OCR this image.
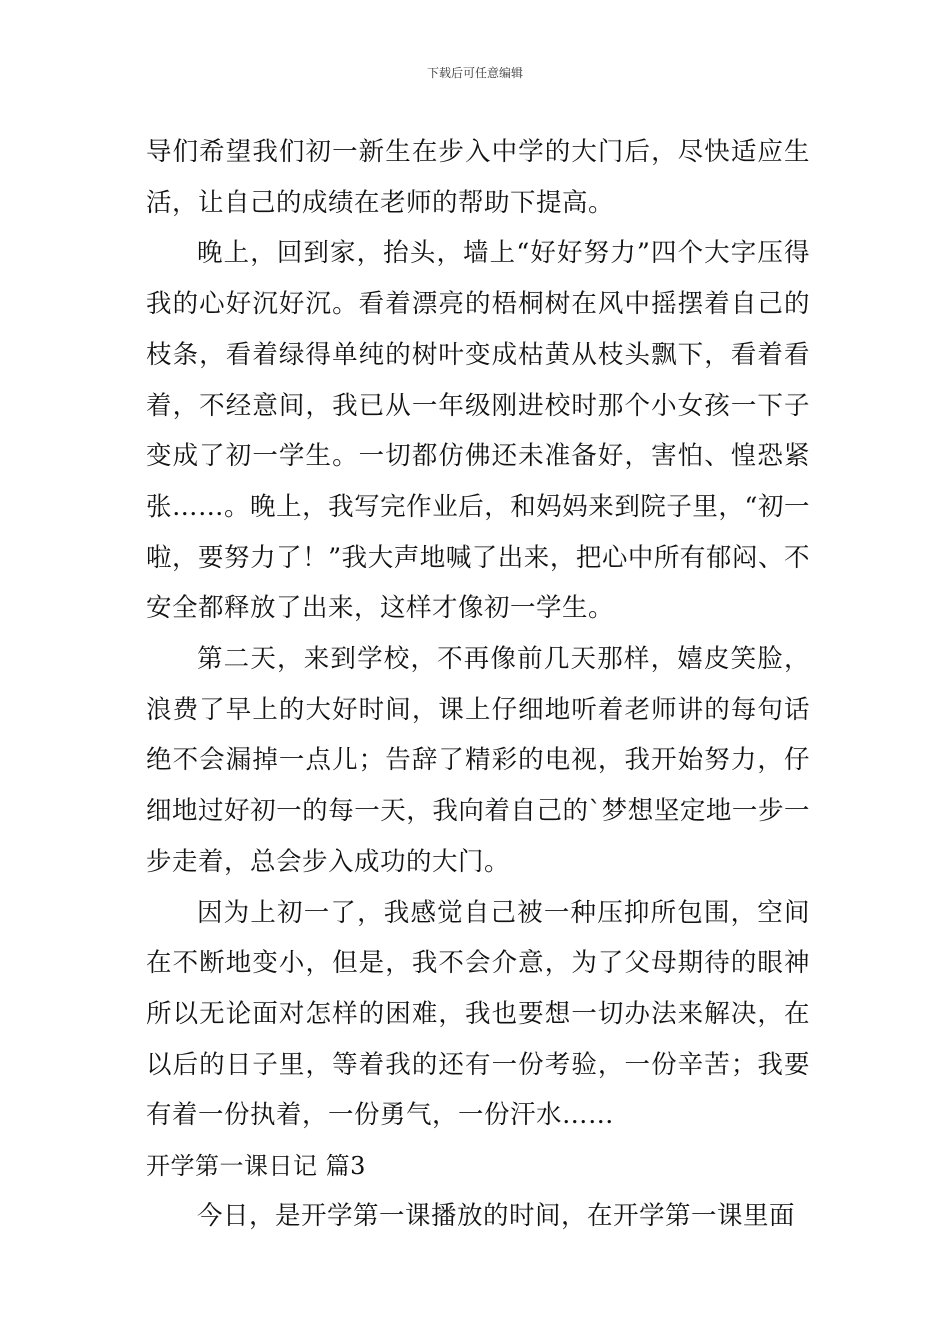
下载后可任意编辑

导们希望我们初一新生在步入中学的大门后，尽快适应生活，让自己的成绩在老师的帮助下提高。

晚上，回到家，抬头，墙上“好好努力”四个大字压得我的心好沉好沉。看着漂亮的梧桐树在风中摇摆着自己的枝条，看着绿得单纯的树叶变成枯黄从枝头飘下，看着看着，不经意间，我已从一年级刚进校时那个小女孩一下子变成了初一学生。一切都仿佛还未准备好，害怕、惶恐紧张……。晚上，我写完作业后，和妈妈来到院子里，“初一啦，要努力了！”我大声地喊了出来，把心中所有郁闷、不安全都释放了出来，这样才像初一学生。

第二天，来到学校，不再像前几天那样，嬉皮笑脸，浪费了早上的大好时间，课上仔细地听着老师讲的每句话绝不会漏掉一点儿；告辞了精彩的电视，我开始努力，仔细地过好初一的每一天，我向着自己的`梦想坚定地一步一步走着，总会步入成功的大门。

因为上初一了，我感觉自己被一种压抑所包围，空间在不断地变小，但是，我不会介意，为了父母期待的眼神所以无论面对怎样的困难，我也要想一切办法来解决，在以后的日子里，等着我的还有一份考验，一份辛苦；我要有着一份执着，一份勇气，一份汗水……

开学第一课日记 篇3

今日，是开学第一课播放的时间，在开学第一课里面
